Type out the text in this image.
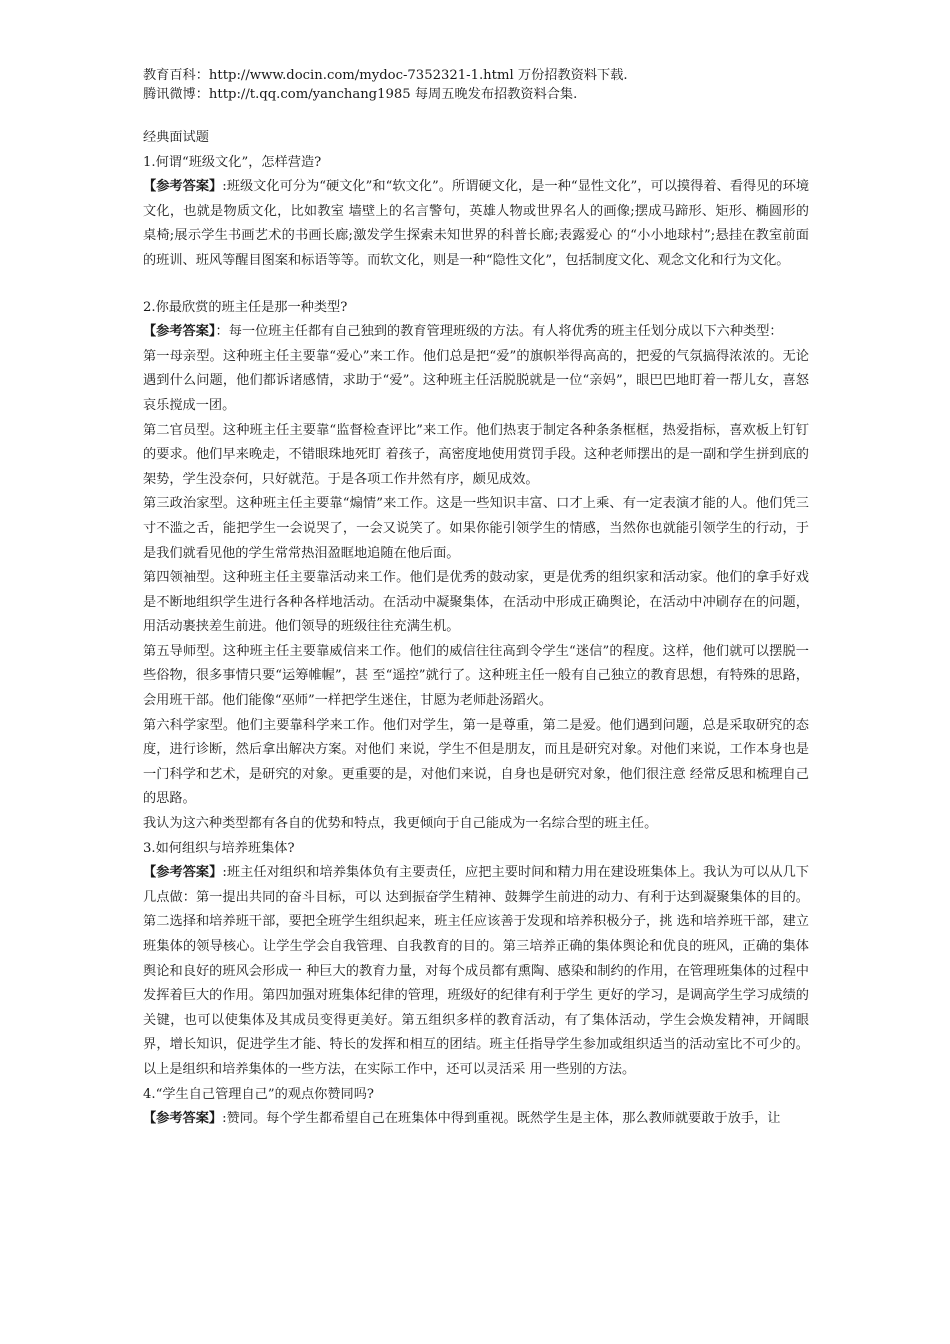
教育百科：http://www.docin.com/mydoc-7352321-1.html 万份招教资料下载.
腾讯微博：http://t.qq.com/yanchang1985 每周五晚发布招教资料合集.

经典面试题

1.何谓“班级文化”，怎样营造?

【参考答案】:班级文化可分为“硬文化”和“软文化”。所谓硬文化，是一种“显性文化”，可以摸得着、看得见的环境文化，也就是物质文化，比如教室 墙壁上的名言警句，英雄人物或世界名人的画像;摆成马蹄形、矩形、椭圆形的桌椅;展示学生书画艺术的书画长廊;激发学生探索未知世界的科普长廊;表露爱心 的“小小地球村”;悬挂在教室前面的班训、班风等醒目图案和标语等等。而软文化，则是一种“隐性文化”，包括制度文化、观念文化和行为文化。

2.你最欣赏的班主任是那一种类型?

【参考答案】：每一位班主任都有自己独到的教育管理班级的方法。有人将优秀的班主任划分成以下六种类型：

第一母亲型。这种班主任主要靠“爱心”来工作。他们总是把“爱”的旗帜举得高高的，把爱的气氛搞得浓浓的。无论遇到什么问题，他们都诉诸感情，求助于“爱”。这种班主任活脱脱就是一位“亲妈”，眼巴巴地盯着一帮儿女，喜怒哀乐搅成一团。

第二官员型。这种班主任主要靠“监督检查评比”来工作。他们热衷于制定各种条条框框，热爱指标，喜欢板上钉钉的要求。他们早来晚走，不错眼珠地死盯 着孩子，高密度地使用赏罚手段。这种老师摆出的是一副和学生拼到底的架势，学生没奈何，只好就范。于是各项工作井然有序，颇见成效。

第三政治家型。这种班主任主要靠“煽情”来工作。这是一些知识丰富、口才上乘、有一定表演才能的人。他们凭三寸不滥之舌，能把学生一会说哭了，一会又说笑了。如果你能引领学生的情感，当然你也就能引领学生的行动，于是我们就看见他的学生常常热泪盈眶地追随在他后面。

第四领袖型。这种班主任主要靠活动来工作。他们是优秀的鼓动家，更是优秀的组织家和活动家。他们的拿手好戏是不断地组织学生进行各种各样地活动。在活动中凝聚集体，在活动中形成正确舆论，在活动中冲刷存在的问题，用活动裹挟差生前进。他们领导的班级往往充满生机。

第五导师型。这种班主任主要靠威信来工作。他们的威信往往高到令学生“迷信”的程度。这样，他们就可以摆脱一些俗物，很多事情只要“运筹帷幄”，甚 至“遥控”就行了。这种班主任一般有自己独立的教育思想，有特殊的思路，会用班干部。他们能像“巫师”一样把学生迷住，甘愿为老师赴汤蹈火。

第六科学家型。他们主要靠科学来工作。他们对学生，第一是尊重，第二是爱。他们遇到问题，总是采取研究的态度，进行诊断，然后拿出解决方案。对他们 来说，学生不但是朋友，而且是研究对象。对他们来说，工作本身也是一门科学和艺术，是研究的对象。更重要的是，对他们来说，自身也是研究对象，他们很注意 经常反思和梳理自己的思路。

我认为这六种类型都有各自的优势和特点，我更倾向于自己能成为一名综合型的班主任。

3.如何组织与培养班集体?

【参考答案】:班主任对组织和培养集体负有主要责任，应把主要时间和精力用在建设班集体上。我认为可以从几下几点做：第一提出共同的奋斗目标，可以 达到振奋学生精神、鼓舞学生前进的动力、有利于达到凝聚集体的目的。第二选择和培养班干部，要把全班学生组织起来，班主任应该善于发现和培养积极分子，挑 选和培养班干部，建立班集体的领导核心。让学生学会自我管理、自我教育的目的。第三培养正确的集体舆论和优良的班风，正确的集体舆论和良好的班风会形成一 种巨大的教育力量，对每个成员都有熏陶、感染和制约的作用，在管理班集体的过程中发挥着巨大的作用。第四加强对班集体纪律的管理，班级好的纪律有利于学生 更好的学习，是调高学生学习成绩的关键，也可以使集体及其成员变得更美好。第五组织多样的教育活动，有了集体活动，学生会焕发精神，开阔眼界，增长知识，促进学生才能、特长的发挥和相互的团结。班主任指导学生参加或组织适当的活动室比不可少的。以上是组织和培养集体的一些方法，在实际工作中，还可以灵活采 用一些别的方法。

4.“学生自己管理自己”的观点你赞同吗?

【参考答案】:赞同。每个学生都希望自己在班集体中得到重视。既然学生是主体，那么教师就要敢于放手，让
